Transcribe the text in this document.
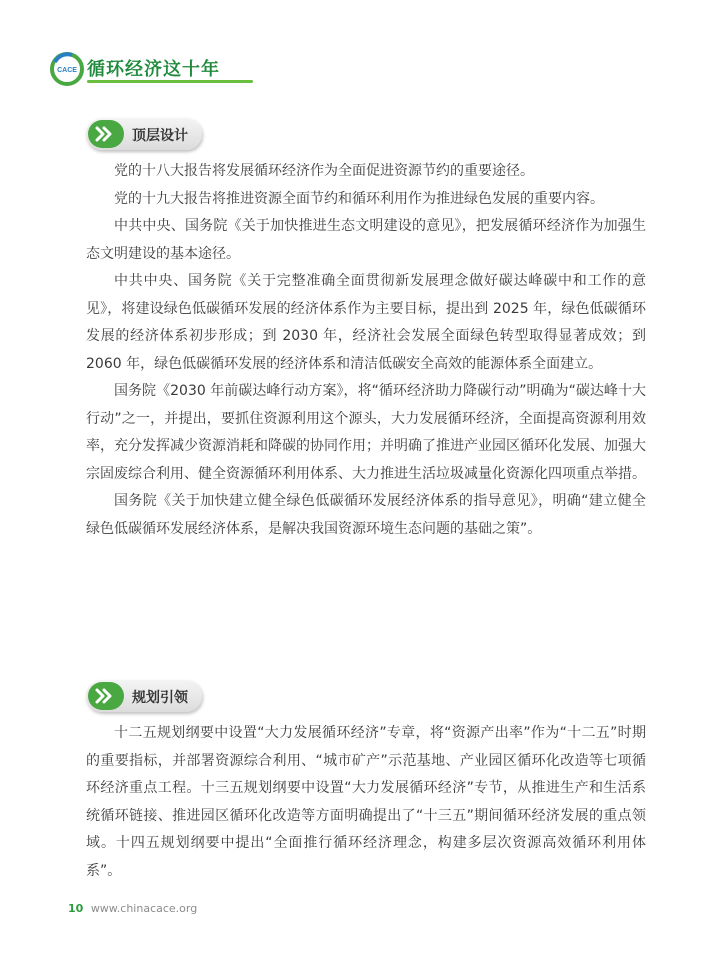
CACE 循环经济这十年
顶层设计

党的十八大报告将发展循环经济作为全面促进资源节约的重要途径。

党的十九大报告将推进资源全面节约和循环利用作为推进绿色发展的重要内容。

中共中央、国务院《关于加快推进生态文明建设的意见》，把发展循环经济作为加强生态文明建设的基本途径。

中共中央、国务院《关于完整准确全面贯彻新发展理念做好碳达峰碳中和工作的意见》，将建设绿色低碳循环发展的经济体系作为主要目标，提出到 2025 年，绿色低碳循环发展的经济体系初步形成；到 2030 年，经济社会发展全面绿色转型取得显著成效；到 2060 年，绿色低碳循环发展的经济体系和清洁低碳安全高效的能源体系全面建立。

国务院《2030 年前碳达峰行动方案》，将“循环经济助力降碳行动”明确为“碳达峰十大行动”之一，并提出，要抓住资源利用这个源头，大力发展循环经济，全面提高资源利用效率，充分发挥减少资源消耗和降碳的协同作用；并明确了推进产业园区循环化发展、加强大宗固废综合利用、健全资源循环利用体系、大力推进生活垃圾减量化资源化四项重点举措。

国务院《关于加快建立健全绿色低碳循环发展经济体系的指导意见》，明确“建立健全绿色低碳循环发展经济体系，是解决我国资源环境生态问题的基础之策”。

规划引领

十二五规划纲要中设置“大力发展循环经济”专章，将“资源产出率”作为“十二五”时期的重要指标，并部署资源综合利用、“城市矿产”示范基地、产业园区循环化改造等七项循环经济重点工程。十三五规划纲要中设置“大力发展循环经济”专节，从推进生产和生活系统循环链接、推进园区循环化改造等方面明确提出了“十三五”期间循环经济发展的重点领域。十四五规划纲要中提出“全面推行循环经济理念，构建多层次资源高效循环利用体系”。

10 www.chinacace.org
